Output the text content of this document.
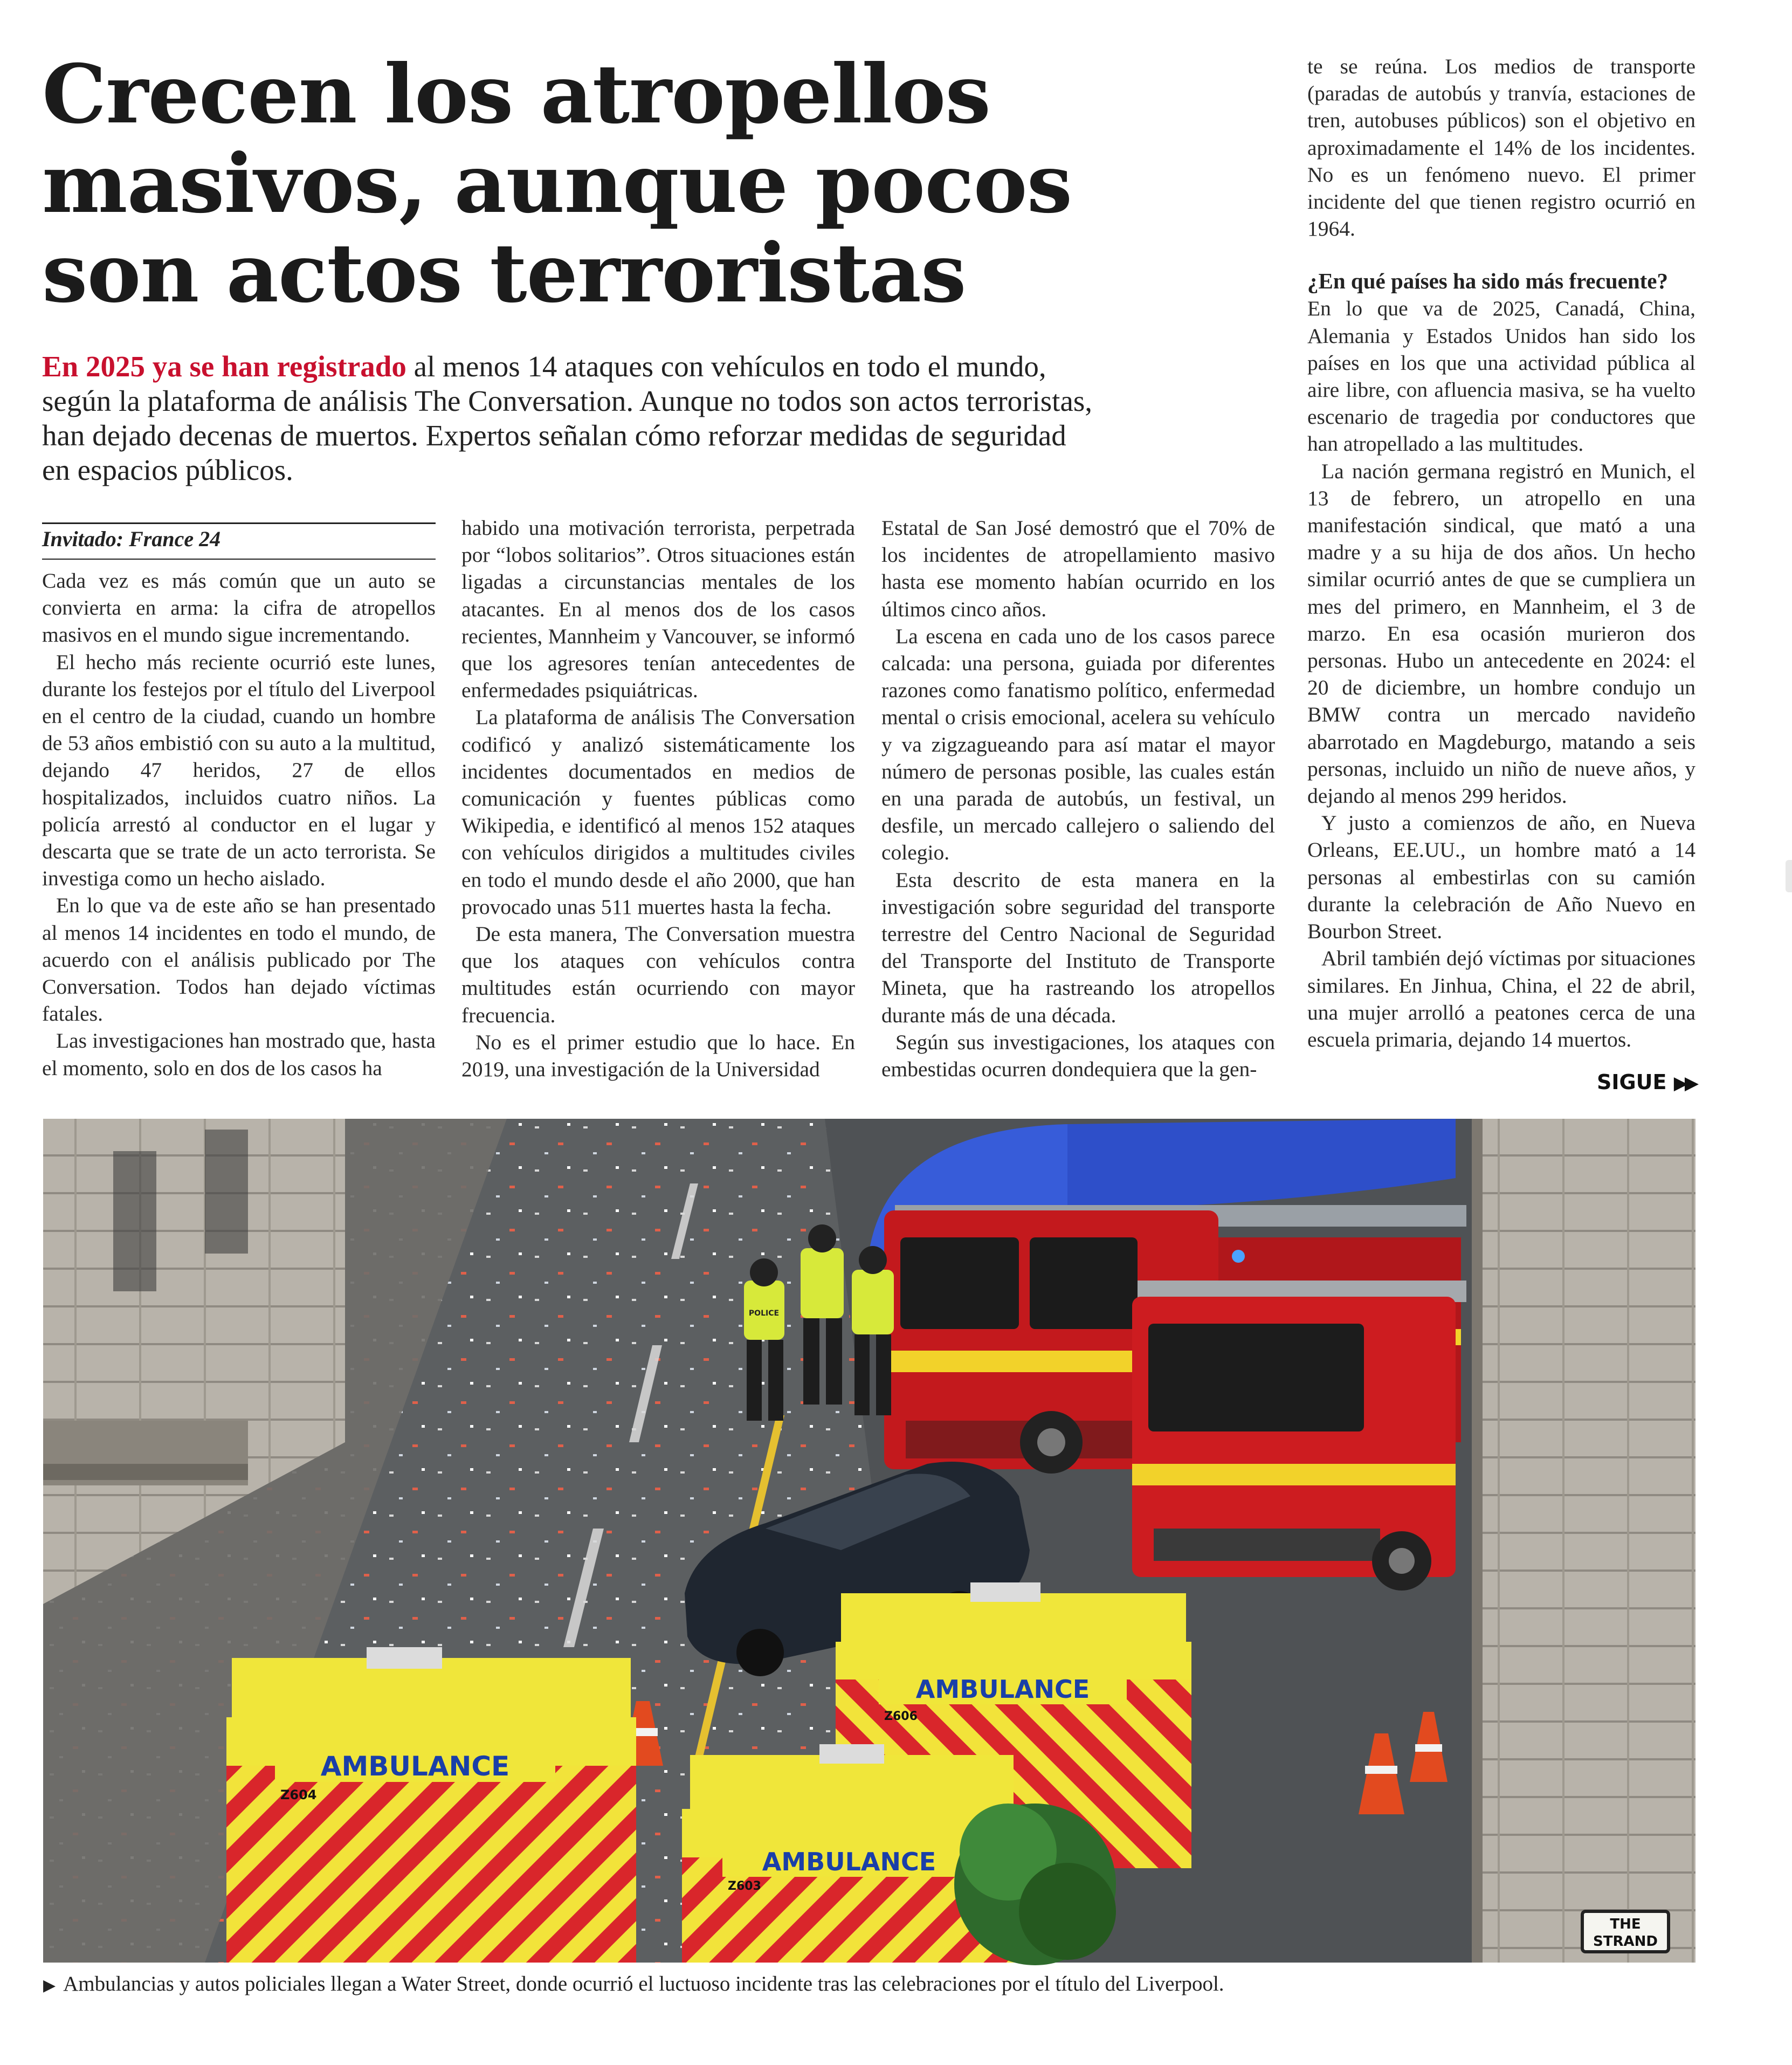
Crecen los atropellos
masivos, aunque pocos
son actos terroristas
En 2025 ya se han registrado al menos 14 ataques con vehículos en todo el mundo,
según la plataforma de análisis The Conversation. Aunque no todos son actos terroristas,
han dejado decenas de muertos. Expertos señalan cómo reforzar medidas de seguridad
en espacios públicos.
Invitado: France 24

Cada vez es más común que un auto se convierta en arma: la cifra de atropellos masivos en el mundo sigue incrementando.

El hecho más reciente ocurrió este lunes, durante los festejos por el título del Liverpool en el centro de la ciudad, cuando un hombre de 53 años embistió con su auto a la multitud, dejando 47 heridos, 27 de ellos hospitalizados, incluidos cuatro niños. La policía arrestó al conductor en el lugar y descarta que se trate de un acto terrorista. Se investiga como un hecho aislado.

En lo que va de este año se han presentado al menos 14 incidentes en todo el mundo, de acuerdo con el análisis publicado por The Conversation. Todos han dejado víctimas fatales.

Las investigaciones han mostrado que, hasta el momento, solo en dos de los casos ha

habido una motivación terrorista, perpetrada por “lobos solitarios”. Otros situaciones están ligadas a circunstancias mentales de los atacantes. En al menos dos de los casos recientes, Mannheim y Vancouver, se informó que los agresores tenían antecedentes de enfermedades psiquiátricas.

La plataforma de análisis The Conversation codificó y analizó sistemáticamente los incidentes documentados en medios de comunicación y fuentes públicas como Wikipedia, e identificó al menos 152 ataques con vehículos dirigidos a multitudes civiles en todo el mundo desde el año 2000, que han provocado unas 511 muertes hasta la fecha.

De esta manera, The Conversation muestra que los ataques con vehículos contra multitudes están ocurriendo con mayor frecuencia.

No es el primer estudio que lo hace. En 2019, una investigación de la Universidad

Estatal de San José demostró que el 70% de los incidentes de atropellamiento masivo hasta ese momento habían ocurrido en los últimos cinco años.

La escena en cada uno de los casos parece calcada: una persona, guiada por diferentes razones como fanatismo político, enfermedad mental o crisis emocional, acelera su vehículo y va zigzagueando para así matar el mayor número de personas posible, las cuales están en una parada de autobús, un festival, un desfile, un mercado callejero o saliendo del colegio.

Esta descrito de esta manera en la investigación sobre seguridad del transporte terrestre del Centro Nacional de Seguridad del Transporte del Instituto de Transporte Mineta, que ha rastreando los atropellos durante más de una década.

Según sus investigaciones, los ataques con embestidas ocurren dondequiera que la gen-

te se reúna. Los medios de transporte (paradas de autobús y tranvía, estaciones de tren, autobuses públicos) son el objetivo en aproximadamente el 14% de los incidentes. No es un fenómeno nuevo. El primer incidente del que tienen registro ocurrió en 1964.

¿En qué países ha sido más frecuente?

En lo que va de 2025, Canadá, China, Alemania y Estados Unidos han sido los países en los que una actividad pública al aire libre, con afluencia masiva, se ha vuelto escenario de tragedia por conductores que han atropellado a las multitudes.

La nación germana registró en Munich, el 13 de febrero, un atropello en una manifestación sindical, que mató a una madre y a su hija de dos años. Un hecho similar ocurrió antes de que se cumpliera un mes del primero, en Mannheim, el 3 de marzo. En esa ocasión murieron dos personas. Hubo un antecedente en 2024: el 20 de diciembre, un hombre condujo un BMW contra un mercado navideño abarrotado en Magdeburgo, matando a seis personas, incluido un niño de nueve años, y dejando al menos 299 heridos.

Y justo a comienzos de año, en Nueva Orleans, EE.UU., un hombre mató a 14 personas al embestirlas con su camión durante la celebración de Año Nuevo en Bourbon Street.

Abril también dejó víctimas por situaciones similares. En Jinhua, China, el 22 de abril, una mujer arrolló a peatones cerca de una escuela primaria, dejando 14 muertos.

SIGUE ▶▶
THE
STRAND
POLICE
AMBULANCE
Z604
AMBULANCE
Z606
AMBULANCE
Z603
▶ Ambulancias y autos policiales llegan a Water Street, donde ocurrió el luctuoso incidente tras las celebraciones por el título del Liverpool.
